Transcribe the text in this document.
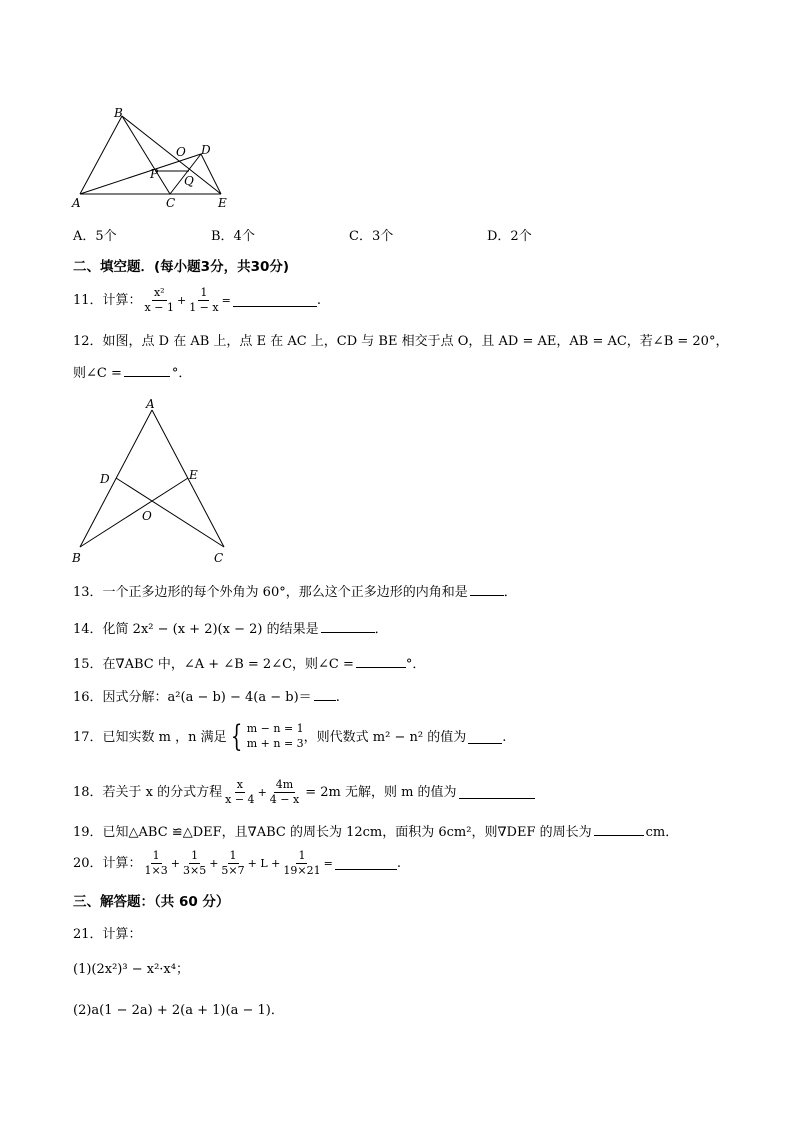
B
O D
P Q
A	C	E
A．5个	B．4个	C．3个	D．2个
二、填空题．(每小题3分，共30分)
11．计算： $\frac{\text{x²}}{x - 1} + \frac{1}{1 - x}$ =	.
12．如图，点 D 在 AB 上，点 E 在 AC 上，CD 与 BE 相交于点 O，且 AD = AE，AB = AC，若∠B = 20°，
则∠C =	°．
A
D	E
O
B	C
13．一个正多边形的每个外角为 60°，那么这个正多边形的内角和是	．
14．化简 2x² − (x + 2)(x − 2) 的结果是	．
15．在∇ABC 中，∠A + ∠B = 2∠C，则∠C =	°．
16．因式分解：a²(a − b) − 4(a − b)＝ .
17．已知实数 m ，n 满足 { m − n = 1
m + n = 3 ，则代数式 m² − n² 的值为	.
18．若关于 x 的分式方程 $\frac{x}{x - 4} + \frac{4m}{4 - x} = 2m$ 无解，则 m 的值为
19．已知△ABC ≌△DEF，且∇ABC 的周长为 12cm，面积为 6cm²，则∇DEF 的周长为	cm．
20．计算： $\frac{1}{1\times 3} + \frac{1}{3\times 5} + \frac{1}{5\times 7} + L + \frac{1}{19\times 21}$ =	.
三、解答题：（共 60 分）
21．计算：
(1)(2x²)³ − x²·x⁴；
(2)a(1 − 2a) + 2(a + 1)(a − 1)．
